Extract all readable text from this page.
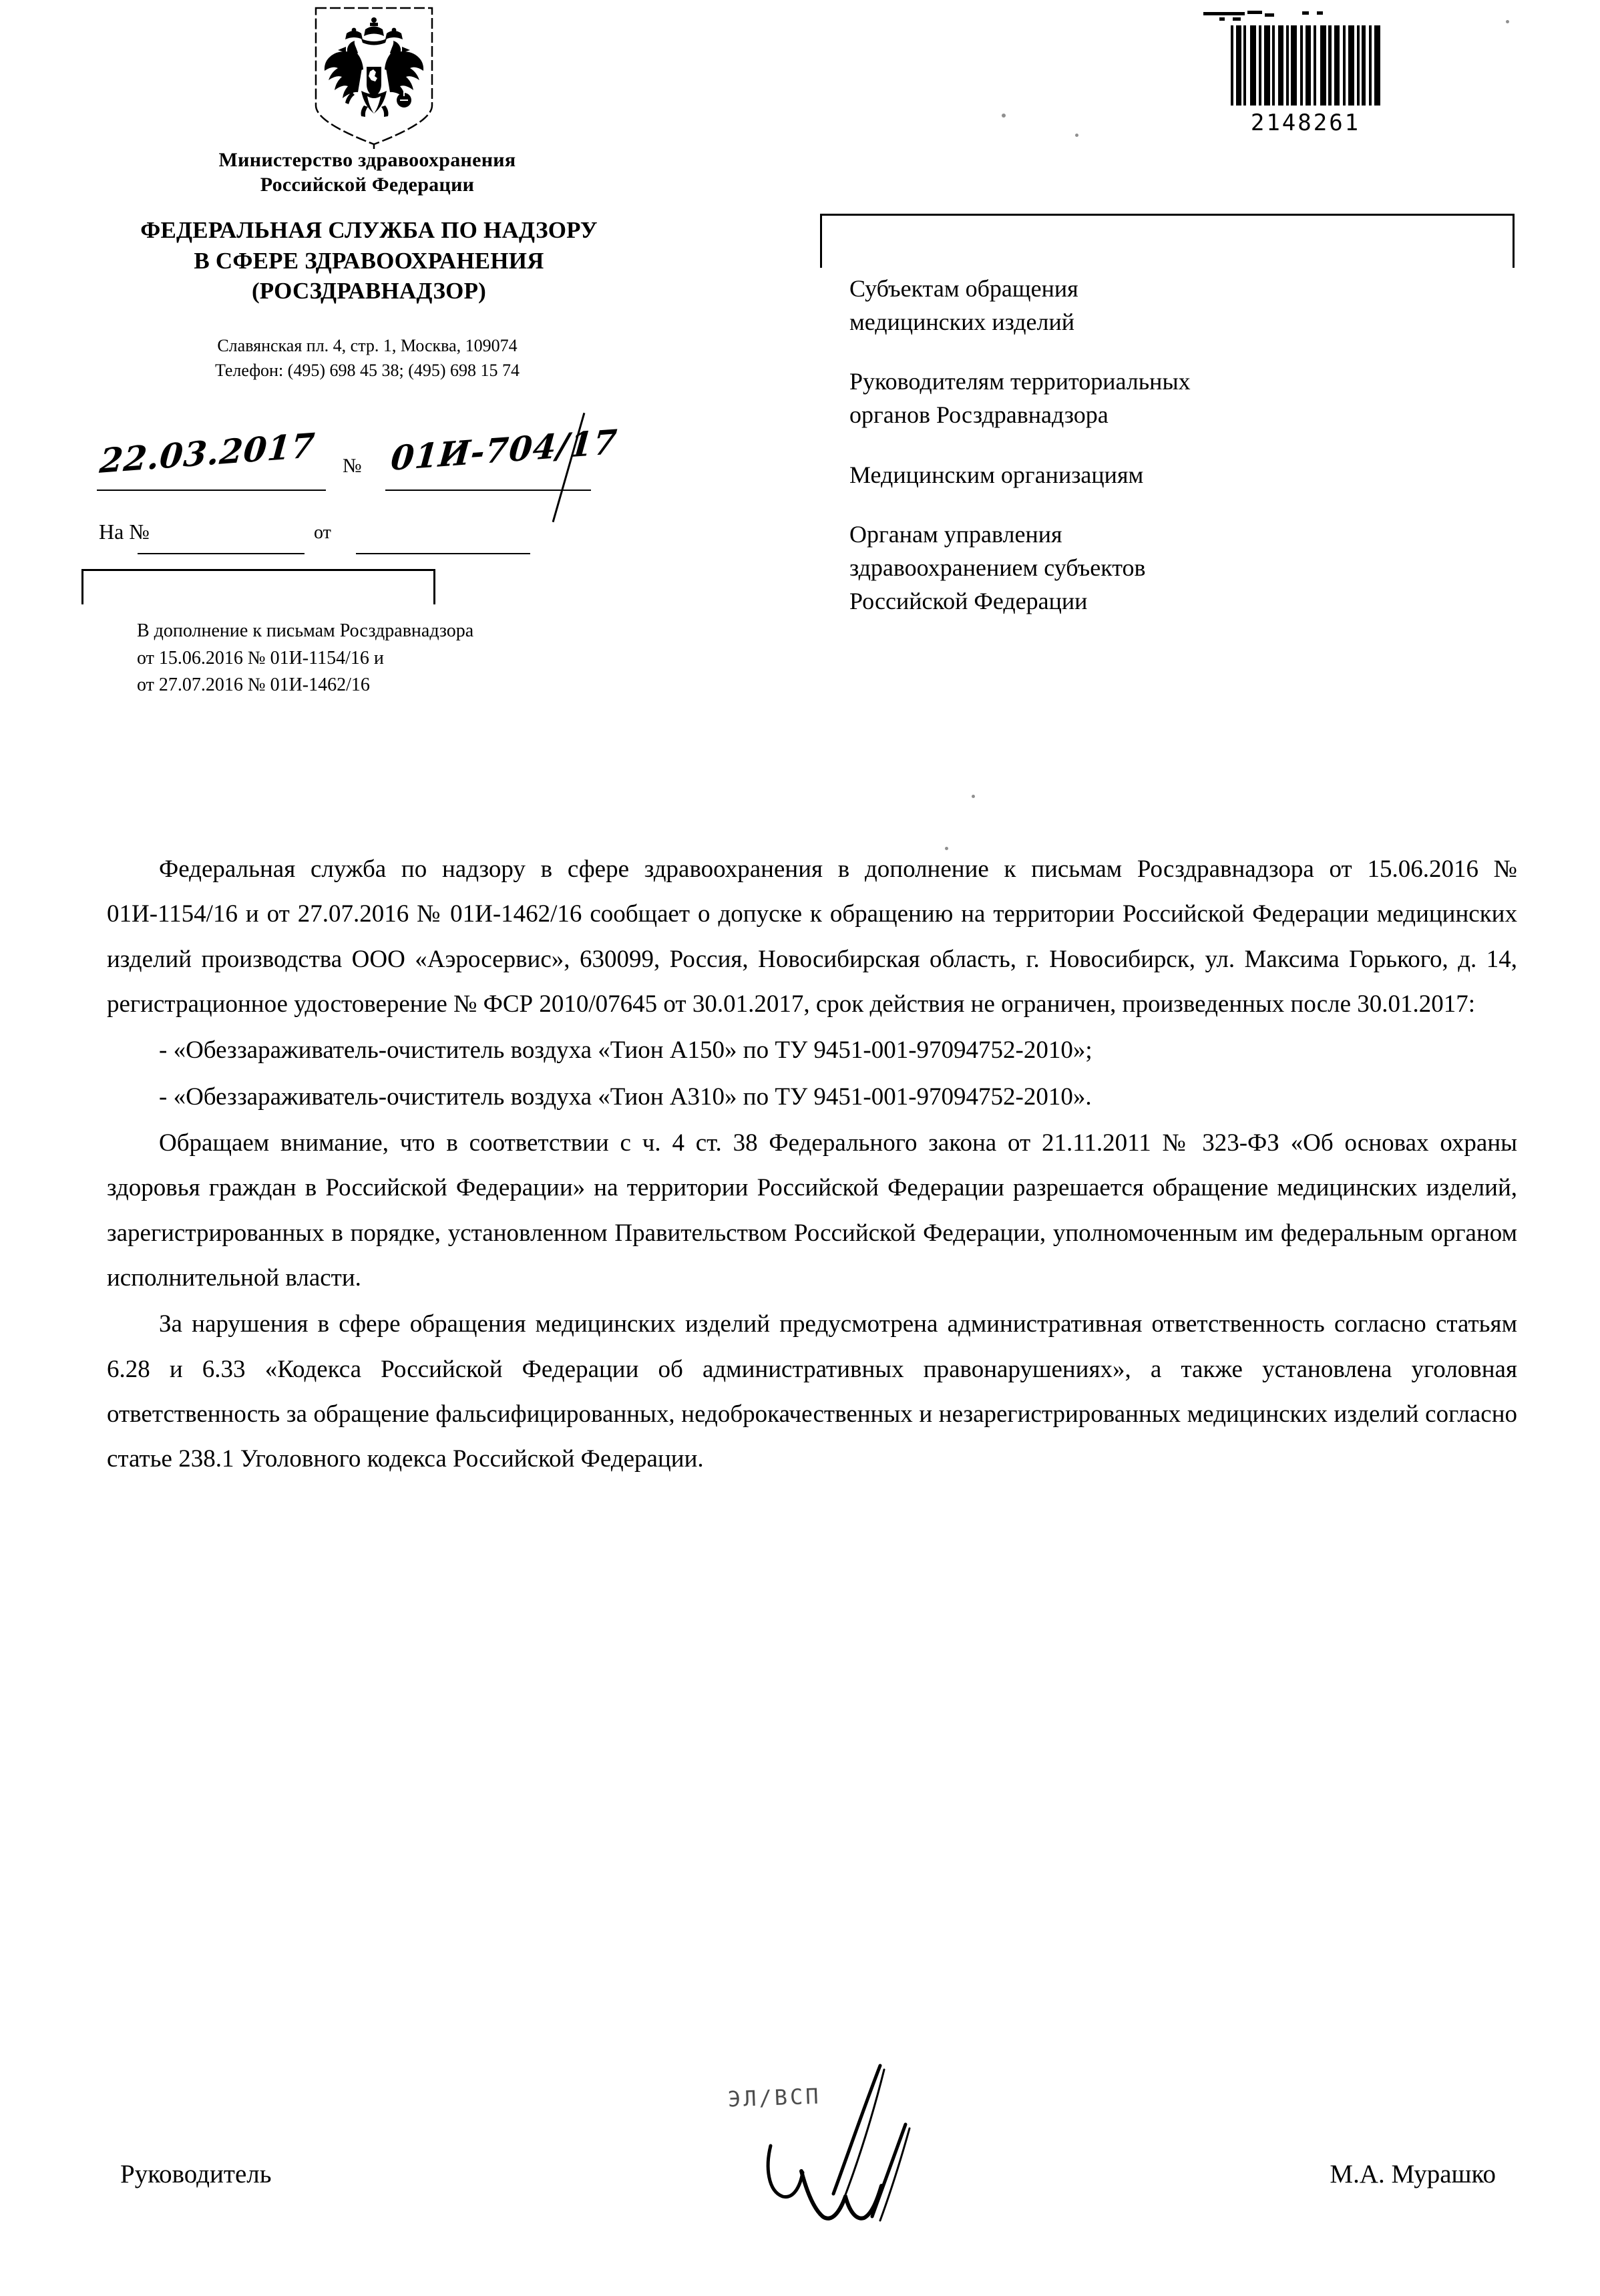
Министерство здравоохранения
Российской Федерации
ФЕДЕРАЛЬНАЯ СЛУЖБА ПО НАДЗОРУ
В СФЕРЕ ЗДРАВООХРАНЕНИЯ
(РОСЗДРАВНАДЗОР)
Славянская пл. 4, стр. 1, Москва, 109074
Телефон: (495) 698 45 38; (495) 698 15 74
22.03.2017 № 01И-704/17
На №	от
В дополнение к письмам Росздравнадзора
от 15.06.2016 № 01И-1154/16 и
от 27.07.2016 № 01И-1462/16
2148261
Субъектам обращения
медицинских изделий
Руководителям территориальных
органов Росздравнадзора
Медицинским организациям
Органам управления
здравоохранением субъектов
Российской Федерации

Федеральная служба по надзору в сфере здравоохранения в дополнение к письмам Росздравнадзора от 15.06.2016 № 01И-1154/16 и от 27.07.2016 № 01И-1462/16 сообщает о допуске к обращению на территории Российской Федерации медицинских изделий производства ООО «Аэросервис», 630099, Россия, Новосибирская область, г. Новосибирск, ул. Максима Горького, д. 14, регистрационное удостоверение № ФСР 2010/07645 от 30.01.2017, срок действия не ограничен, произведенных после 30.01.2017:

- «Обеззараживатель-очиститель воздуха «Тион А150» по ТУ 9451-001-97094752-2010»;

- «Обеззараживатель-очиститель воздуха «Тион А310» по ТУ 9451-001-97094752-2010».

Обращаем внимание, что в соответствии с ч. 4 ст. 38 Федерального закона от 21.11.2011 № 323-ФЗ «Об основах охраны здоровья граждан в Российской Федерации» на территории Российской Федерации разрешается обращение медицинских изделий, зарегистрированных в порядке, установленном Правительством Российской Федерации, уполномоченным им федеральным органом исполнительной власти.

За нарушения в сфере обращения медицинских изделий предусмотрена административная ответственность согласно статьям 6.28 и 6.33 «Кодекса Российской Федерации об административных правонарушениях», а также установлена уголовная ответственность за обращение фальсифицированных, недоброкачественных и незарегистрированных медицинских изделий согласно статье 238.1 Уголовного кодекса Российской Федерации.

ЭЛ/ВСП
Руководитель	М.А. Мурашко
